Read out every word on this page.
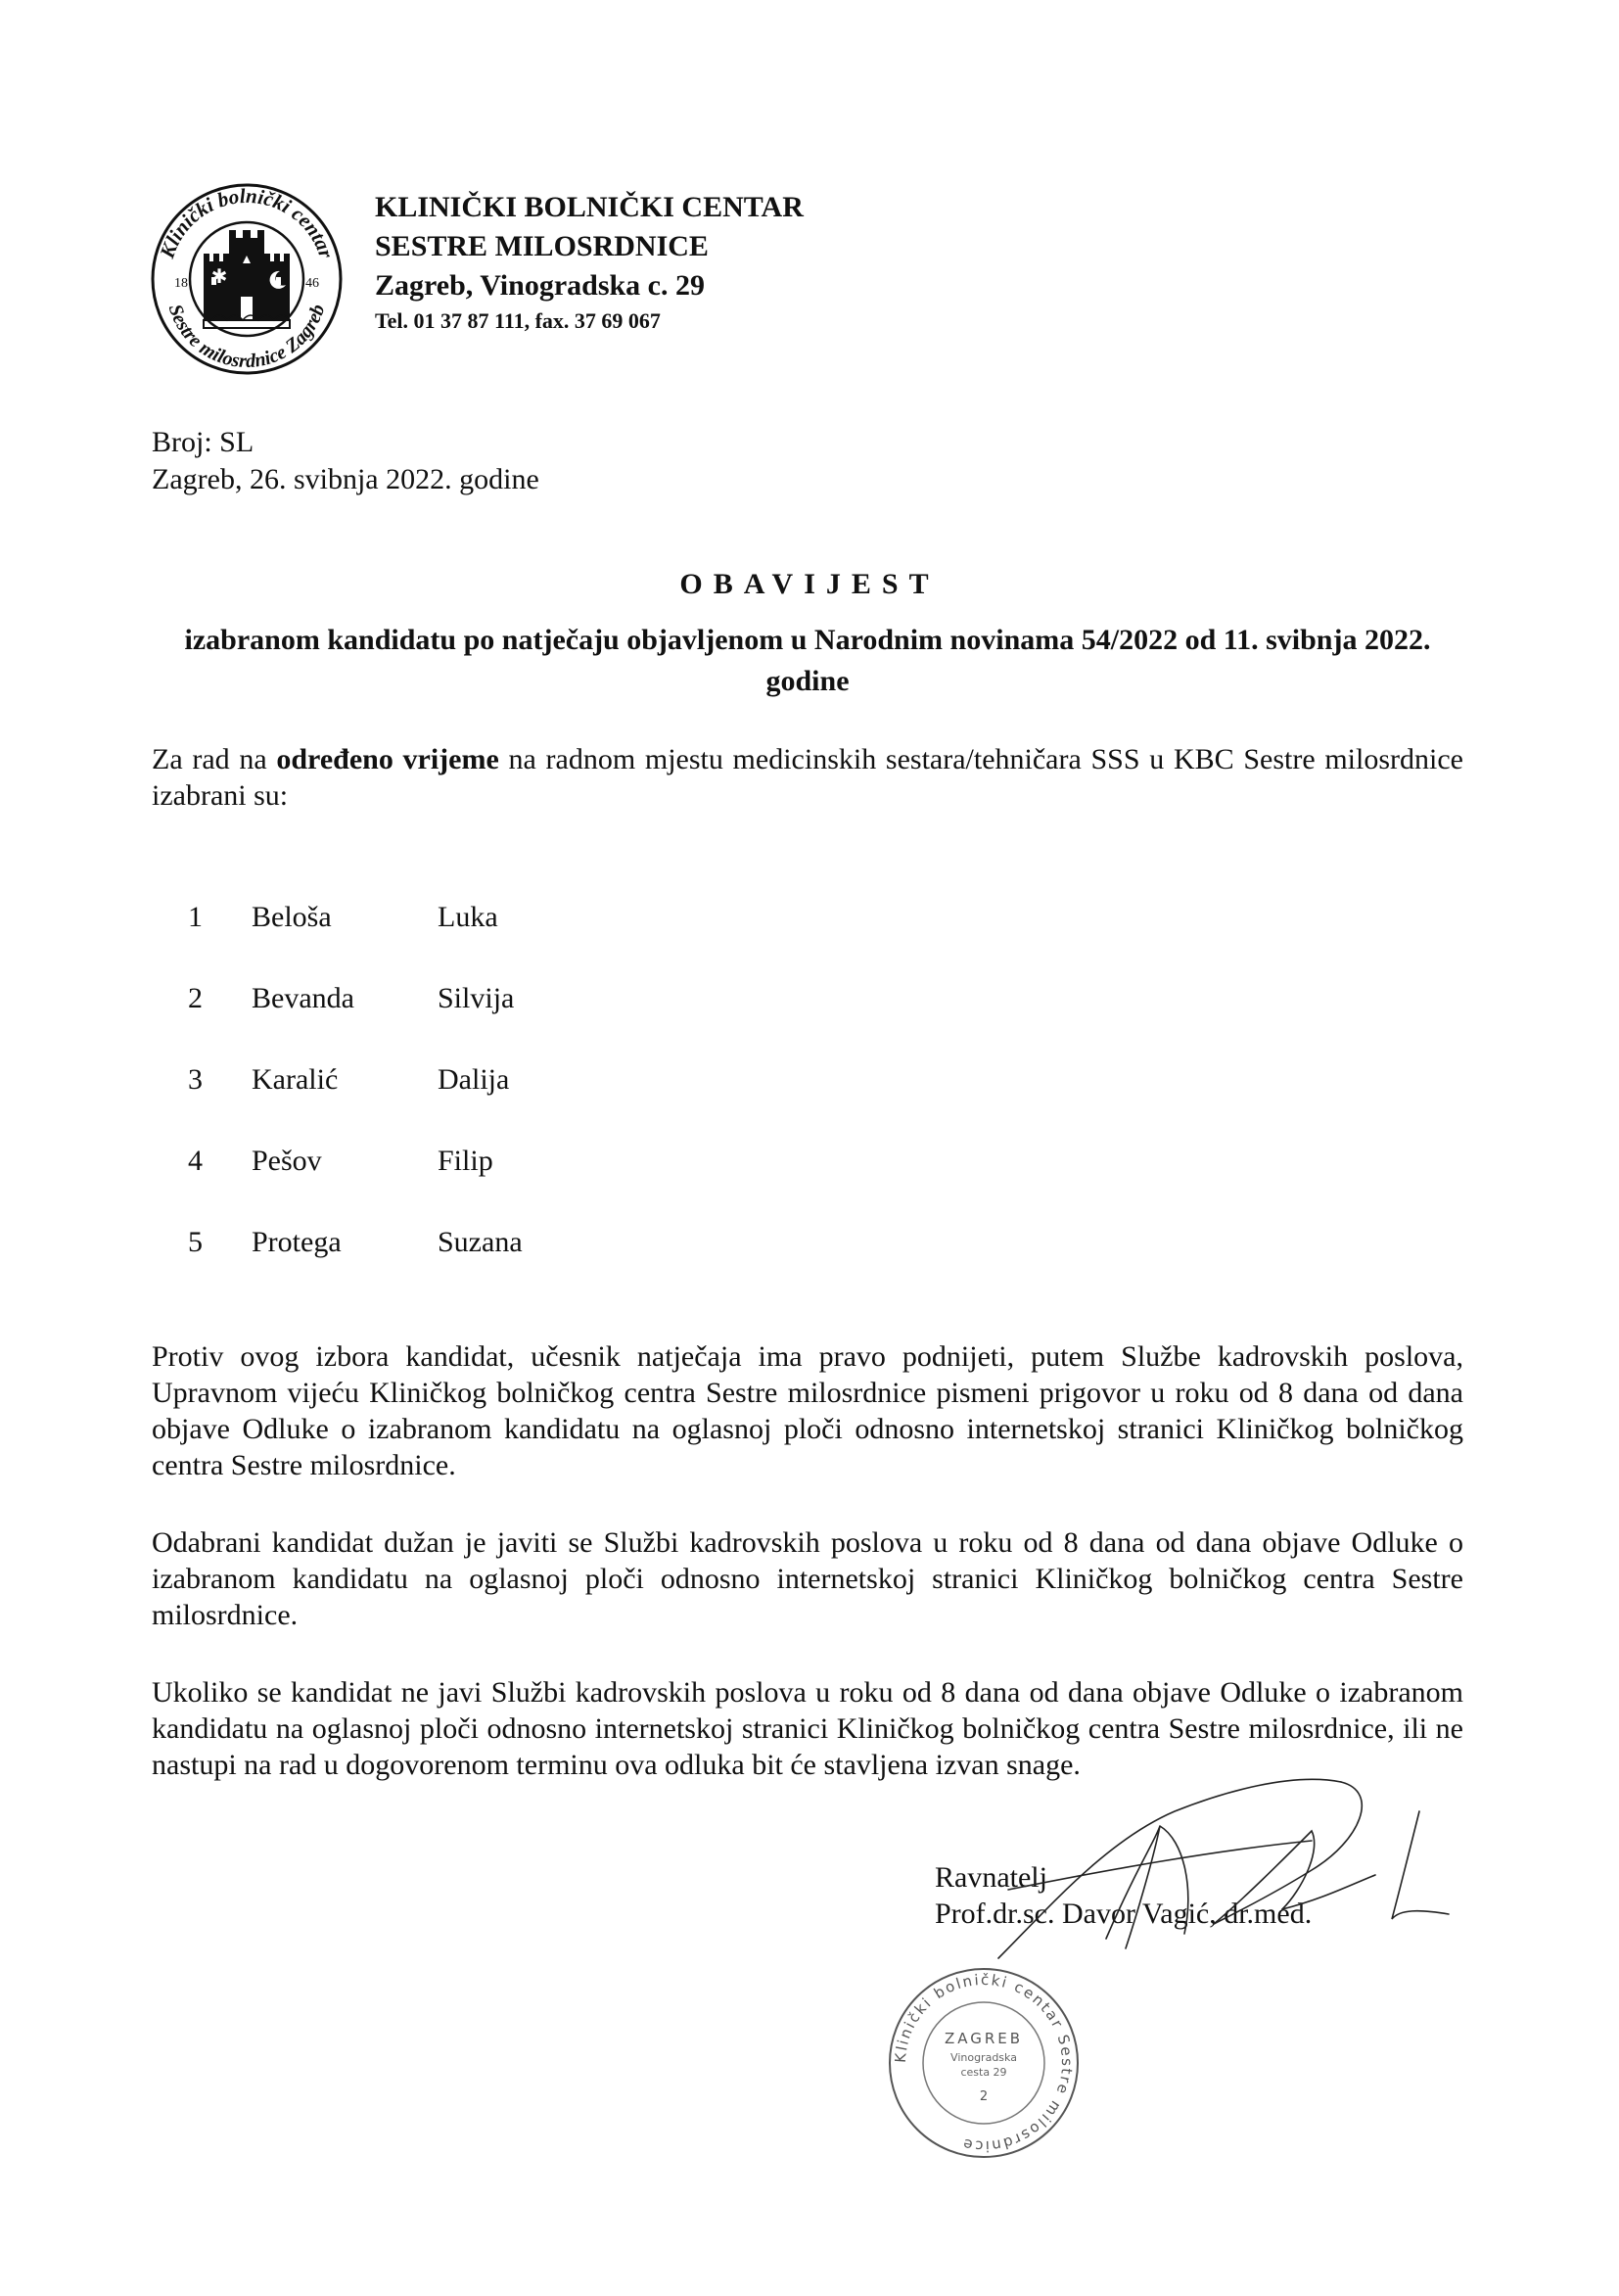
✱
Klinički bolnički centar
Sestre milosrdnice Zagreb
18	46
KLINIČKI BOLNIČKI CENTAR
SESTRE MILOSRDNICE
Zagreb, Vinogradska c. 29
Tel. 01 37 87 111, fax. 37 69 067
Broj: SL
Zagreb, 26. svibnja 2022. godine
OBAVIJEST
izabranom kandidatu po natječaju objavljenom u Narodnim novinama 54/2022 od 11. svibnja 2022. godine
Za rad na određeno vrijeme na radnom mjestu medicinskih sestara/tehničara SSS u KBC Sestre milosrdnice izabrani su:
1 Beloša	Luka
2 Bevanda	Silvija
3 Karalić	Dalija
4 Pešov	Filip
5 Protega	Suzana
Protiv ovog izbora kandidat, učesnik natječaja ima pravo podnijeti, putem Službe kadrovskih poslova, Upravnom vijeću Kliničkog bolničkog centra Sestre milosrdnice pismeni prigovor u roku od 8 dana od dana objave Odluke o izabranom kandidatu na oglasnoj ploči odnosno internetskoj stranici Kliničkog bolničkog centra Sestre milosrdnice.
Odabrani kandidat dužan je javiti se Službi kadrovskih poslova u roku od 8 dana od dana objave Odluke o izabranom kandidatu na oglasnoj ploči odnosno internetskoj stranici Kliničkog bolničkog centra Sestre milosrdnice.
Ukoliko se kandidat ne javi Službi kadrovskih poslova u roku od 8 dana od dana objave Odluke o izabranom kandidatu na oglasnoj ploči odnosno internetskoj stranici Kliničkog bolničkog centra Sestre milosrdnice, ili ne nastupi na rad u dogovorenom terminu ova odluka bit će stavljena izvan snage.
Ravnatelj
Prof.dr.sc. Davor Vagić, dr.med.
Klinički bolnički centar Sestre milosrdnice
ZAGREB
Vinogradska
cesta 29
2
